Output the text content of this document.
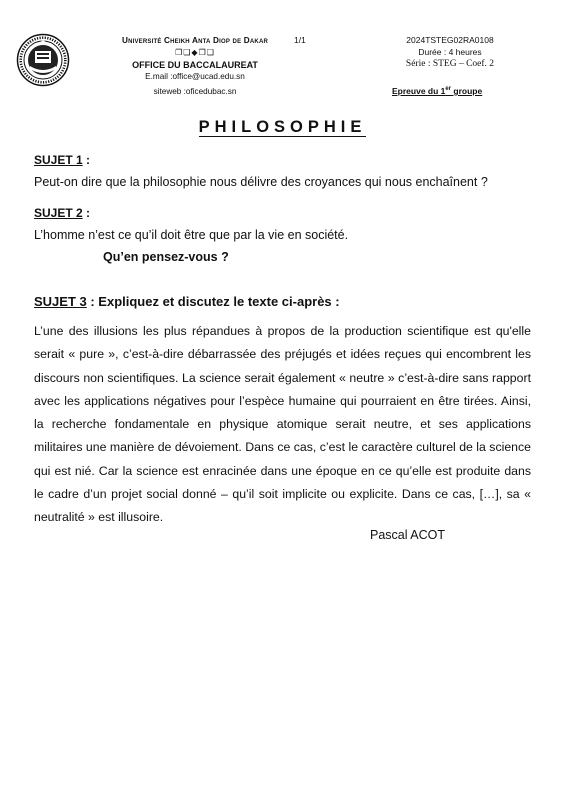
Université Cheikh Anta Diop de Dakar
❐❑◆❐❑
OFFICE DU BACCALAUREAT
E.mail :office@ucad.edu.sn
siteweb :oficedubac.sn
1/1	2024TSTEG02RA0108
Durée : 4 heures
Série : STEG – Coef. 2
Epreuve du 1er groupe
PHILOSOPHIE
SUJET 1 :
Peut-on dire que la philosophie nous délivre des croyances qui nous enchaînent ?
SUJET 2 :
L’homme n’est ce qu’il doit être que par la vie en société.
Qu’en pensez-vous ?
SUJET 3 : Expliquez et discutez le texte ci-après :
L’une des illusions les plus répandues à propos de la production scientifique est qu'elle serait « pure », c’est-à-dire débarrassée des préjugés et idées reçues qui encombrent les discours non scientifiques. La science serait également « neutre » c’est-à-dire sans rapport avec les applications négatives pour l’espèce humaine qui pourraient en être tirées. Ainsi, la recherche fondamentale en physique atomique serait neutre, et ses applications militaires une manière de dévoiement. Dans ce cas, c’est le caractère culturel de la science qui est nié. Car la science est enracinée dans une époque en ce qu’elle est produite dans le cadre d’un projet social donné – qu’il soit implicite ou explicite. Dans ce cas, […], sa « neutralité » est illusoire.
Pascal ACOT
